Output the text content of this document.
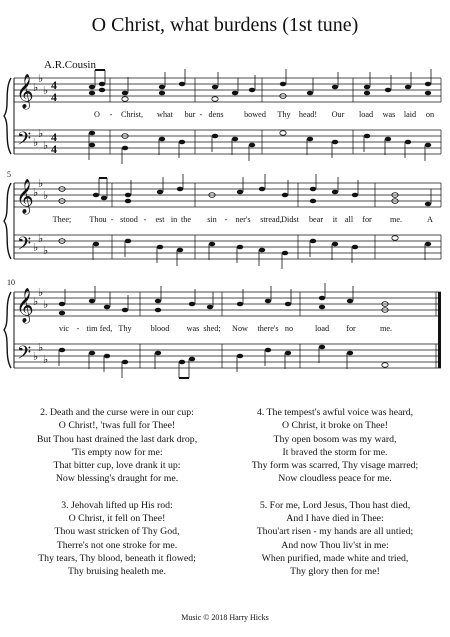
O Christ, what burdens (1st tune)
A.R.Cousin
𝄞
𝄢
♭
♭
♭
♭
♭
♭
4
4
4
4
O - Christ, what bur - dens	bowed Thy head! Our load was laid on
5
𝄞
𝄢
♭
♭
♭
♭
♭
♭
Thee; Thou - stood - est in the sin - ner's stread, Didst bear it all for me.	A
10
𝄞
𝄢
♭
♭
♭
♭
♭
♭
vic - tim fed, Thy blood was shed; Now there's no	load for	me.
2. Death and the curse were in our cup:
O Christ!, 'twas full for Thee!
But Thou hast drained the last dark drop,
'Tis empty now for me:
That bitter cup, love drank it up:
Now blessing's draught for me.
3. Jehovah lifted up His rod:
O Christ, it fell on Thee!
Thou wast stricken of Thy God,
Therre's not one stroke for me.
Thy tears, Thy blood, beneath it flowed;
Thy bruising healeth me.
4. The tempest's awful voice was heard,
O Christ, it broke on Thee!
Thy open bosom was my ward,
It braved the storm for me.
Thy form was scarred, Thy visage marred;
Now cloudless peace for me.
5. For me, Lord Jesus, Thou hast died,
And I have died in Thee:
Thou'art risen - my hands are all untied;
And now Thou liv'st in me:
When purified, made white and tried,
Thy glory then for me!
Music © 2018 Harry Hicks
